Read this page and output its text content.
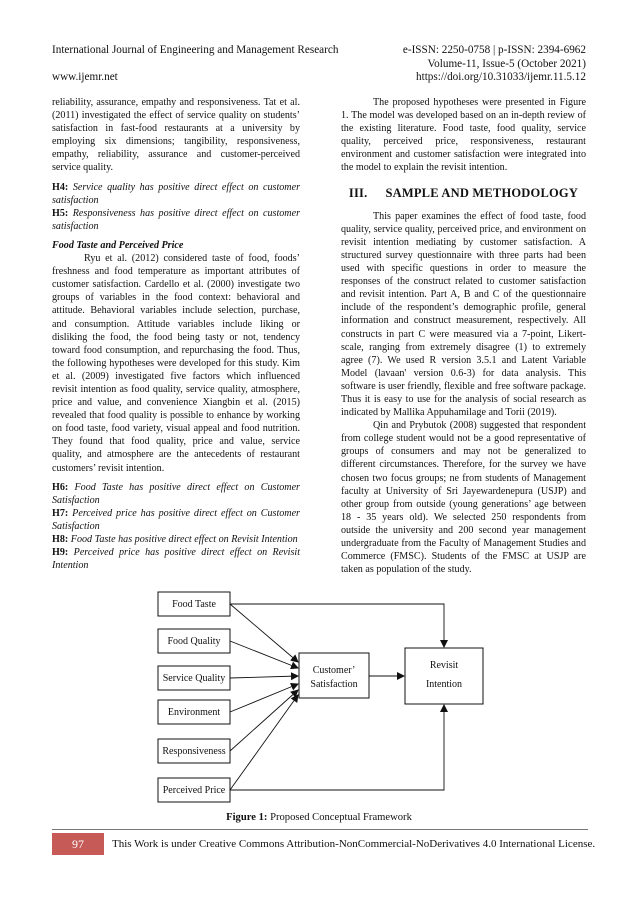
International Journal of Engineering and Management Research	e-ISSN: 2250-0758 | p-ISSN: 2394-6962
Volume-11, Issue-5 (October 2021)
www.ijemr.net	https://doi.org/10.31033/ijemr.11.5.12

reliability, assurance, empathy and responsiveness. Tat et al. (2011) investigated the effect of service quality on students’ satisfaction in fast-food restaurants at a university by employing six dimensions; tangibility, responsiveness, empathy, reliability, assurance and customer-perceived service quality.

H4: Service quality has positive direct effect on customer satisfaction

H5: Responsiveness has positive direct effect on customer satisfaction

Food Taste and Perceived Price

Ryu et al. (2012) considered taste of food, foods’ freshness and food temperature as important attributes of customer satisfaction. Cardello et al. (2000) investigate two groups of variables in the food context: behavioral and attitude. Behavioral variables include selection, purchase, and consumption. Attitude variables include liking or disliking the food, the food being tasty or not, tendency toward food consumption, and repurchasing the food. Thus, the following hypotheses were developed for this study. Kim et al. (2009) investigated five factors which influenced revisit intention as food quality, service quality, atmosphere, price and value, and convenience Xiangbin et al. (2015) revealed that food quality is possible to enhance by working on food taste, food variety, visual appeal and food nutrition. They found that food quality, price and value, service quality, and atmosphere are the antecedents of restaurant customers’ revisit intention.

H6: Food Taste has positive direct effect on Customer Satisfaction

H7: Perceived price has positive direct effect on Customer Satisfaction

H8: Food Taste has positive direct effect on Revisit Intention

H9: Perceived price has positive direct effect on Revisit Intention

The proposed hypotheses were presented in Figure 1. The model was developed based on an in-depth review of the existing literature. Food taste, food quality, service quality, perceived price, responsiveness, restaurant environment and customer satisfaction were integrated into the model to explain the revisit intention.

III. SAMPLE AND METHODOLOGY

This paper examines the effect of food taste, food quality, service quality, perceived price, and environment on revisit intention mediating by customer satisfaction. A structured survey questionnaire with three parts had been used with specific questions in order to measure the responses of the construct related to customer satisfaction and revisit intention. Part A, B and C of the questionnaire include of the respondent’s demographic profile, general information and construct measurement, respectively. All constructs in part C were measured via a 7-point, Likert-scale, ranging from extremely disagree (1) to extremely agree (7). We used R version 3.5.1 and Latent Variable Model (lavaan' version 0.6-3) for data analysis. This software is user friendly, flexible and free software package. Thus it is easy to use for the analysis of social research as indicated by Mallika Appuhamilage and Torii (2019).

Qin and Prybutok (2008) suggested that respondent from college student would not be a good representative of groups of consumers and may not be generalized to different circumstances. Therefore, for the survey we have chosen two focus groups; ne from students of Management faculty at University of Sri Jayewardenepura (USJP) and other group from outside (young generations’ age between 18 - 35 years old). We selected 250 respondents from outside the university and 200 second year management undergraduate from the Faculty of Management Studies and Commerce (FMSC). Students of the FMSC at USJP are taken as population of the study.

Food Taste
Food Quality
Service Quality
Environment
Responsiveness
Perceived Price
Customer’
Satisfaction
Revisit
Intention
Figure 1: Proposed Conceptual Framework
97	This Work is under Creative Commons Attribution-NonCommercial-NoDerivatives 4.0 International License.
